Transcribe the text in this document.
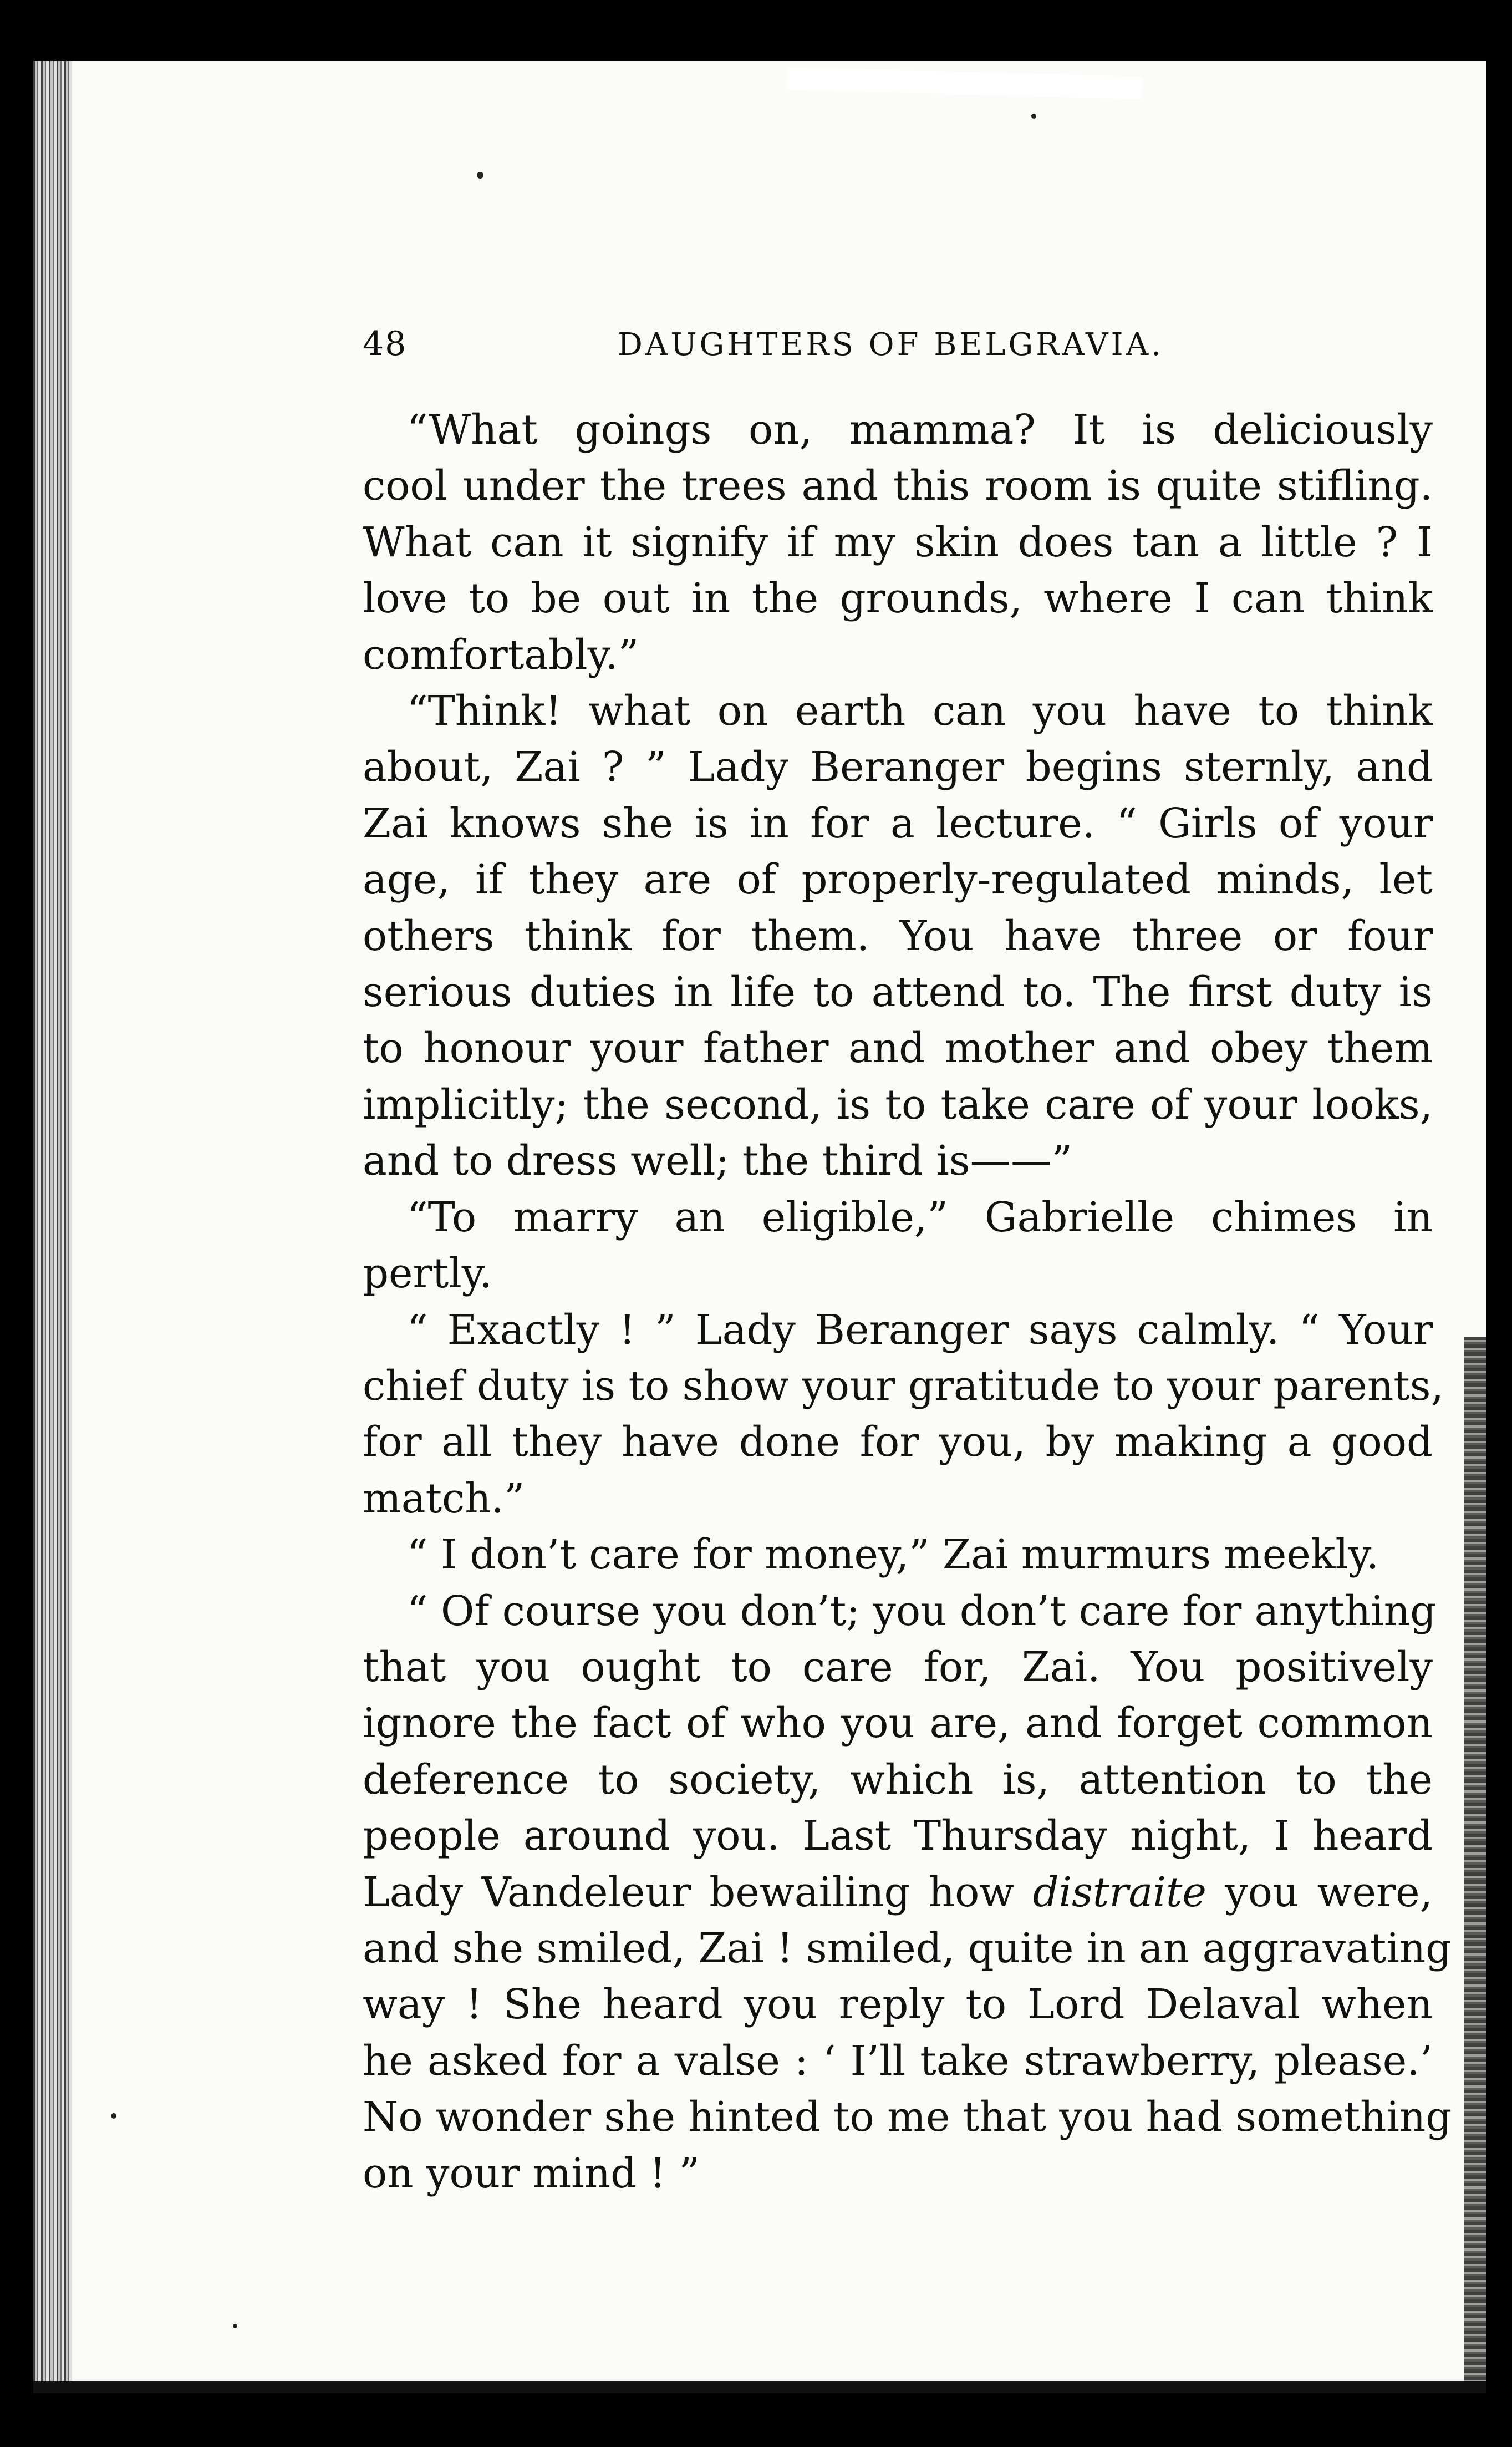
48	DAUGHTERS OF BELGRAVIA.

“What goings on, mamma? It is deliciously
cool under the trees and this room is quite stifling.
What can it signify if my skin does tan a little ? I
love to be out in the grounds, where I can think
comfortably.”

“Think! what on earth can you have to think
about, Zai ? ” Lady Beranger begins sternly, and
Zai knows she is in for a lecture. “ Girls of your
age, if they are of properly-regulated minds, let
others think for them. You have three or four
serious duties in life to attend to. The first duty is
to honour your father and mother and obey them
implicitly; the second, is to take care of your looks,
and to dress well; the third is——”

“To marry an eligible,” Gabrielle chimes in
pertly.

“ Exactly ! ” Lady Beranger says calmly. “ Your
chief duty is to show your gratitude to your parents,
for all they have done for you, by making a good
match.”

“ I don’t care for money,” Zai murmurs meekly.

“ Of course you don’t; you don’t care for anything
that you ought to care for, Zai. You positively
ignore the fact of who you are, and forget common
deference to society, which is, attention to the
people around you. Last Thursday night, I heard
Lady Vandeleur bewailing how distraite you were,
and she smiled, Zai ! smiled, quite in an aggravating
way ! She heard you reply to Lord Delaval when
he asked for a valse : ‘ I’ll take strawberry, please.’
No wonder she hinted to me that you had something
on your mind ! ”
